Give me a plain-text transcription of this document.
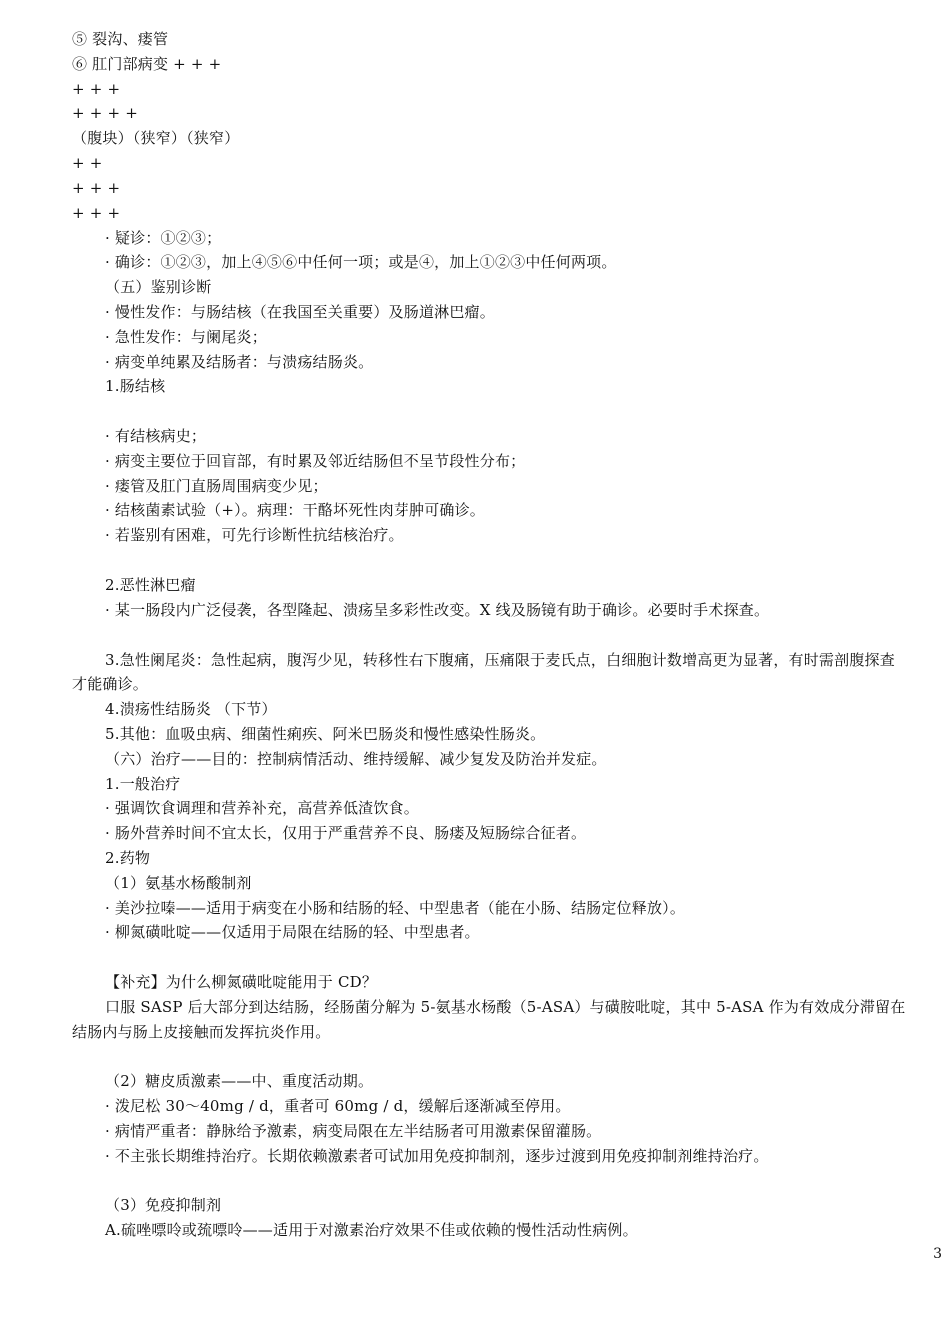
⑤ 裂沟、瘘管
⑥ 肛门部病变 + + +
+ + +
+ + + +
（腹块）（狭窄）（狭窄）
+ +
+ + +
+ + +
· 疑诊：①②③；
· 确诊：①②③，加上④⑤⑥中任何一项；或是④，加上①②③中任何两项。
（五）鉴别诊断
· 慢性发作：与肠结核（在我国至关重要）及肠道淋巴瘤。
· 急性发作：与阑尾炎；
· 病变单纯累及结肠者：与溃疡结肠炎。
1.肠结核
· 有结核病史；
· 病变主要位于回盲部，有时累及邻近结肠但不呈节段性分布；
· 瘘管及肛门直肠周围病变少见；
· 结核菌素试验（+）。病理：干酪坏死性肉芽肿可确诊。
· 若鉴别有困难，可先行诊断性抗结核治疗。
2.恶性淋巴瘤
· 某一肠段内广泛侵袭，各型隆起、溃疡呈多彩性改变。X 线及肠镜有助于确诊。必要时手术探查。
3.急性阑尾炎：急性起病，腹泻少见，转移性右下腹痛，压痛限于麦氏点，白细胞计数增高更为显著，有时需剖腹探查
才能确诊。
4.溃疡性结肠炎 （下节）
5.其他：血吸虫病、细菌性痢疾、阿米巴肠炎和慢性感染性肠炎。
（六）治疗——目的：控制病情活动、维持缓解、减少复发及防治并发症。
1.一般治疗
· 强调饮食调理和营养补充，高营养低渣饮食。
· 肠外营养时间不宜太长，仅用于严重营养不良、肠瘘及短肠综合征者。
2.药物
（1）氨基水杨酸制剂
· 美沙拉嗪——适用于病变在小肠和结肠的轻、中型患者（能在小肠、结肠定位释放）。
· 柳氮磺吡啶——仅适用于局限在结肠的轻、中型患者。
【补充】为什么柳氮磺吡啶能用于 CD？
口服 SASP 后大部分到达结肠，经肠菌分解为 5-氨基水杨酸（5-ASA）与磺胺吡啶，其中 5-ASA 作为有效成分滞留在
结肠内与肠上皮接触而发挥抗炎作用。
（2）糖皮质激素——中、重度活动期。
· 泼尼松 30～40mg / d，重者可 60mg / d，缓解后逐渐减至停用。
· 病情严重者：静脉给予激素，病变局限在左半结肠者可用激素保留灌肠。
· 不主张长期维持治疗。长期依赖激素者可试加用免疫抑制剂，逐步过渡到用免疫抑制剂维持治疗。
（3）免疫抑制剂
A.硫唑嘌呤或巯嘌呤——适用于对激素治疗效果不佳或依赖的慢性活动性病例。
3
